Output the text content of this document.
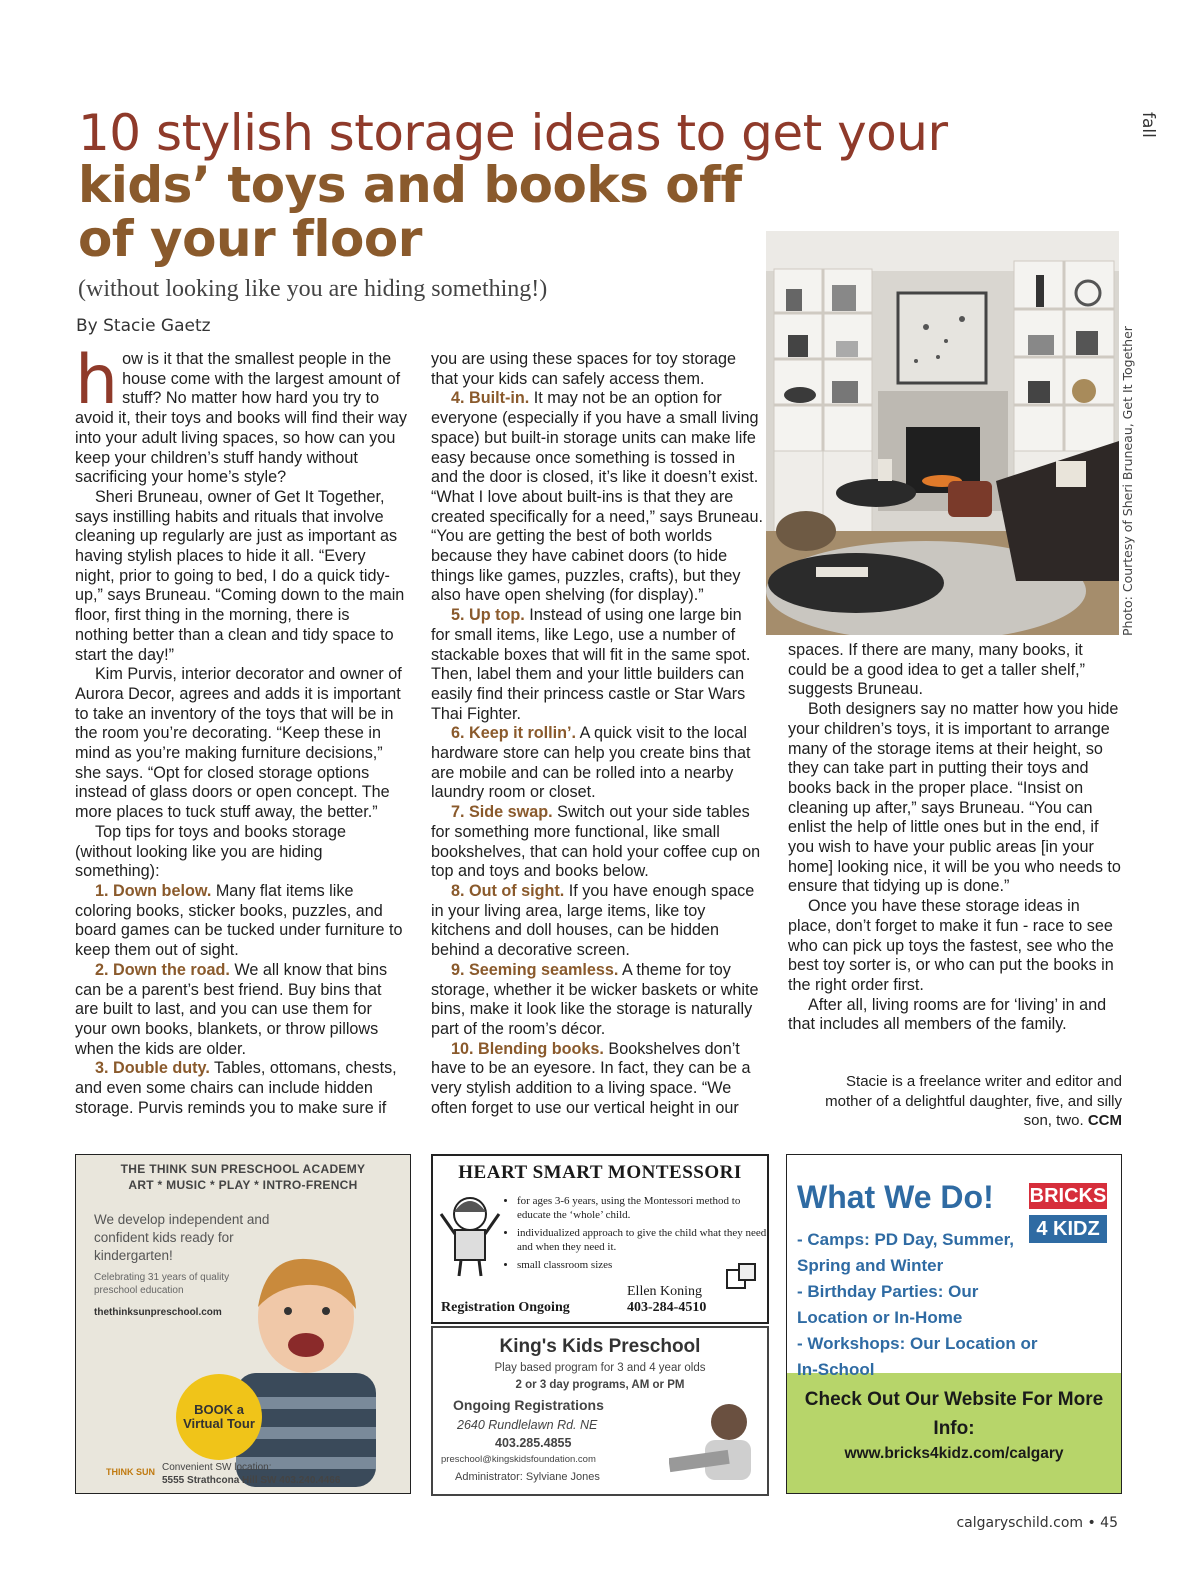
fall
10 stylish storage ideas to get your
kids’ toys and books off of your floor
(without looking like you are hiding something!)
By Stacie Gaetz

how is it that the smallest people in the house come with the largest amount of stuff? No matter how hard you try to avoid it, their toys and books will find their way into your adult living spaces, so how can you keep your children’s stuff handy without sacrificing your home’s style?

Sheri Bruneau, owner of Get It Together, says instilling habits and rituals that involve cleaning up regularly are just as important as having stylish places to hide it all. “Every night, prior to going to bed, I do a quick tidy-up,” says Bruneau. “Coming down to the main floor, first thing in the morning, there is nothing better than a clean and tidy space to start the day!”

Kim Purvis, interior decorator and owner of Aurora Decor, agrees and adds it is important to take an inventory of the toys that will be in the room you’re decorating. “Keep these in mind as you’re making furniture decisions,” she says. “Opt for closed storage options instead of glass doors or open concept. The more places to tuck stuff away, the better.”

Top tips for toys and books storage (without looking like you are hiding something):

1. Down below. Many flat items like coloring books, sticker books, puzzles, and board games can be tucked under furniture to keep them out of sight.

2. Down the road. We all know that bins can be a parent’s best friend. Buy bins that are built to last, and you can use them for your own books, blankets, or throw pillows when the kids are older.

3. Double duty. Tables, ottomans, chests, and even some chairs can include hidden storage. Purvis reminds you to make sure if

you are using these spaces for toy storage that your kids can safely access them.

4. Built-in. It may not be an option for everyone (especially if you have a small living space) but built-in storage units can make life easy because once something is tossed in and the door is closed, it’s like it doesn’t exist. “What I love about built-ins is that they are created specifically for a need,” says Bruneau. “You are getting the best of both worlds because they have cabinet doors (to hide things like games, puzzles, crafts), but they also have open shelving (for display).”

5. Up top. Instead of using one large bin for small items, like Lego, use a number of stackable boxes that will fit in the same spot. Then, label them and your little builders can easily find their princess castle or Star Wars Thai Fighter.

6. Keep it rollin’. A quick visit to the local hardware store can help you create bins that are mobile and can be rolled into a nearby laundry room or closet.

7. Side swap. Switch out your side tables for something more functional, like small bookshelves, that can hold your coffee cup on top and toys and books below.

8. Out of sight. If you have enough space in your living area, large items, like toy kitchens and doll houses, can be hidden behind a decorative screen.

9. Seeming seamless. A theme for toy storage, whether it be wicker baskets or white bins, make it look like the storage is naturally part of the room’s décor.

10. Blending books. Bookshelves don’t have to be an eyesore. In fact, they can be a very stylish addition to a living space. “We often forget to use our vertical height in our

Photo: Courtesy of Sheri Bruneau, Get It Together

spaces. If there are many, many books, it could be a good idea to get a taller shelf,” suggests Bruneau.

Both designers say no matter how you hide your children’s toys, it is important to arrange many of the storage items at their height, so they can take part in putting their toys and books back in the proper place. “Insist on cleaning up after,” says Bruneau. “You can enlist the help of little ones but in the end, if you wish to have your public areas [in your home] looking nice, it will be you who needs to ensure that tidying up is done.”

Once you have these storage ideas in place, don’t forget to make it fun - race to see who can pick up toys the fastest, see who the best toy sorter is, or who can put the books in the right order first.

After all, living rooms are for ‘living’ in and that includes all members of the family.

Stacie is a freelance writer and editor and mother of a delightful daughter, five, and silly son, two. CCM
THE THINK SUN PRESCHOOL ACADEMY
ART * MUSIC * PLAY * INTRO-FRENCH
We develop independent and confident kids ready for kindergarten!
Celebrating 31 years of quality preschool education
thethinksunpreschool.com
BOOK a Virtual Tour
Convenient SW location:
5555 Strathcona Hill SW 403.240.4466
THINK SUN
HEART SMART MONTESSORI
• for ages 3-6 years, using the Montessori method to educate the ‘whole’ child.
• individualized approach to give the child what they need and when they need it.
• small classroom sizes
Registration Ongoing
Ellen Koning
403-284-4510
King's Kids Preschool
Play based program for 3 and 4 year olds
2 or 3 day programs, AM or PM
Ongoing Registrations
2640 Rundlelawn Rd. NE
403.285.4855
preschool@kingskidsfoundation.com
Administrator: Sylviane Jones
What We Do! BRICKS
4 KIDZ
- Camps: PD Day, Summer, Spring and Winter
- Birthday Parties: Our Location or In-Home
- Workshops: Our Location or In-School
Check Out Our Website For More Info:
www.bricks4kidz.com/calgary
calgaryschild.com • 45
